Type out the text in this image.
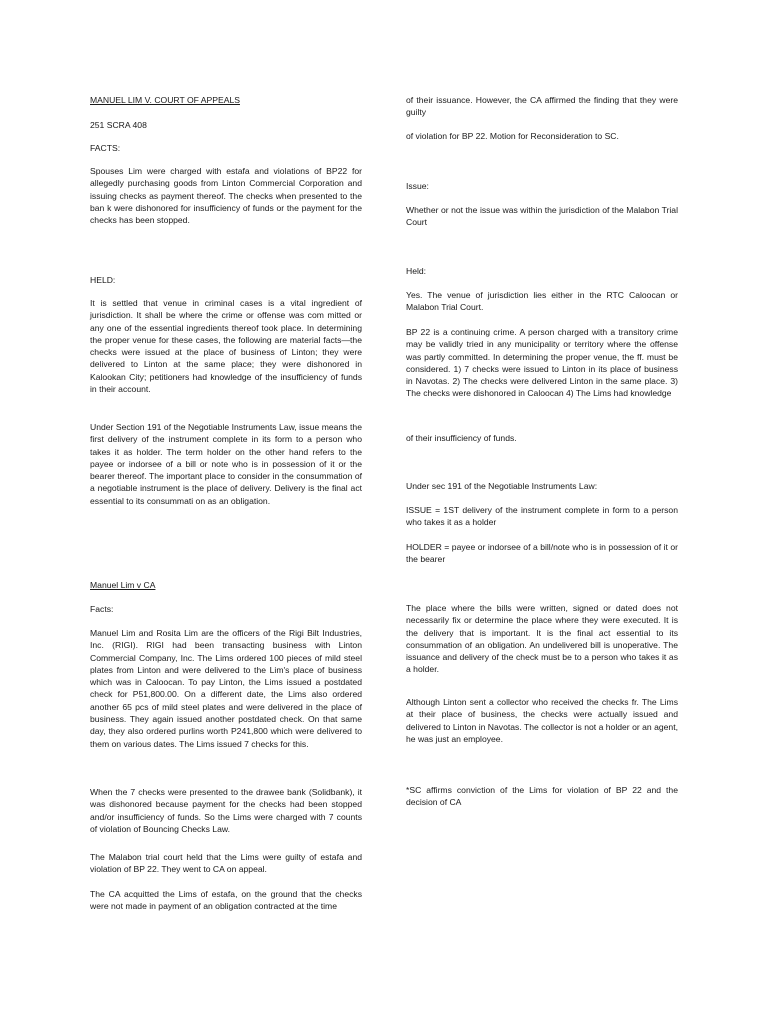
MANUEL LIM V. COURT OF APPEALS

251 SCRA 408

FACTS:

Spouses Lim were charged with estafa and violations of BP22 for allegedly purchasing goods from Linton Commercial Corporation and issuing checks as payment thereof. The checks when presented to the ban k were dishonored for insufficiency of funds or the payment for the checks has been stopped.

HELD:

It is settled that venue in criminal cases is a vital ingredient of jurisdiction. It shall be where the crime or offense was com mitted or any one of the essential ingredients thereof took place. In determining the proper venue for these cases, the following are material facts—the checks were issued at the place of business of Linton; they were delivered to Linton at the same place; they were dishonored in Kalookan City; petitioners had knowledge of the insufficiency of funds in their account.

Under Section 191 of the Negotiable Instruments Law, issue means the first delivery of the instrument complete in its form to a person who takes it as holder. The term holder on the other hand refers to the payee or indorsee of a bill or note who is in possession of it or the bearer thereof. The important place to consider in the consummation of a negotiable instrument is the place of delivery. Delivery is the final act essential to its consummati on as an obligation.

Manuel Lim v CA

Facts:

Manuel Lim and Rosita Lim are the officers of the Rigi Bilt Industries, Inc. (RIGI). RIGI had been transacting business with Linton Commercial Company, Inc. The Lims ordered 100 pieces of mild steel plates from Linton and were delivered to the Lim's place of business which was in Caloocan. To pay Linton, the Lims issued a postdated check for P51,800.00. On a different date, the Lims also ordered another 65 pcs of mild steel plates and were delivered in the place of business. They again issued another postdated check. On that same day, they also ordered purlins worth P241,800 which were delivered to them on various dates. The Lims issued 7 checks for this.

When the 7 checks were presented to the drawee bank (Solidbank), it was dishonored because payment for the checks had been stopped and/or insufficiency of funds. So the Lims were charged with 7 counts of violation of Bouncing Checks Law.

The Malabon trial court held that the Lims were guilty of estafa and violation of BP 22. They went to CA on appeal.

The CA acquitted the Lims of estafa, on the ground that the checks were not made in payment of an obligation contracted at the time

of their issuance. However, the CA affirmed the finding that they were guilty

of violation for BP 22. Motion for Reconsideration to SC.

Issue:

Whether or not the issue was within the jurisdiction of the Malabon Trial Court

Held:

Yes. The venue of jurisdiction lies either in the RTC Caloocan or Malabon Trial Court.

BP 22 is a continuing crime. A person charged with a transitory crime may be validly tried in any municipality or territory where the offense was partly committed. In determining the proper venue, the ff. must be considered. 1) 7 checks were issued to Linton in its place of business in Navotas. 2) The checks were delivered Linton in the same place. 3) The checks were dishonored in Caloocan 4) The Lims had knowledge

of their insufficiency of funds.

Under sec 191 of the Negotiable Instruments Law:

ISSUE = 1ST delivery of the instrument complete in form to a person who takes it as a holder

HOLDER = payee or indorsee of a bill/note who is in possession of it or the bearer

The place where the bills were written, signed or dated does not necessarily fix or determine the place where they were executed. It is the delivery that is important. It is the final act essential to its consummation of an obligation. An undelivered bill is unoperative. The issuance and delivery of the check must be to a person who takes it as a holder.

Although Linton sent a collector who received the checks fr. The Lims at their place of business, the checks were actually issued and delivered to Linton in Navotas. The collector is not a holder or an agent, he was just an employee.

*SC affirms conviction of the Lims for violation of BP 22 and the decision of CA
